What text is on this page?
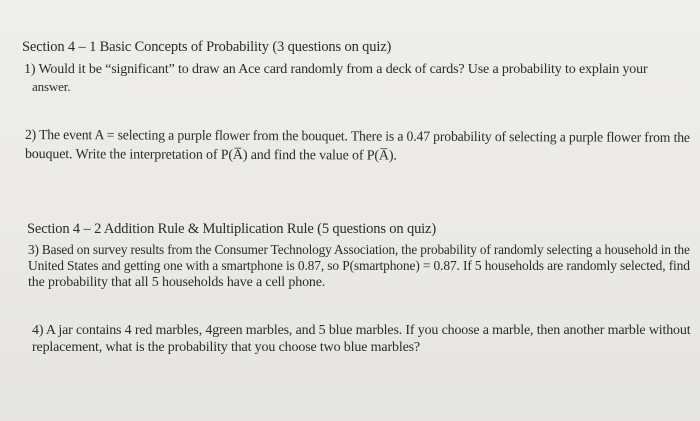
Section 4 – 1 Basic Concepts of Probability (3 questions on quiz)
1) Would it be “significant” to draw an Ace card randomly from a deck of cards? Use a probability to explain your
answer.
2) The event A = selecting a purple flower from the bouquet. There is a 0.47 probability of selecting a purple flower from the
bouquet. Write the interpretation of P(A̅) and find the value of P(A̅).
Section 4 – 2 Addition Rule & Multiplication Rule (5 questions on quiz)
3) Based on survey results from the Consumer Technology Association, the probability of randomly selecting a household in the
United States and getting one with a smartphone is 0.87, so P(smartphone) = 0.87. If 5 households are randomly selected, find
the probability that all 5 households have a cell phone.
4) A jar contains 4 red marbles, 4green marbles, and 5 blue marbles. If you choose a marble, then another marble without
replacement, what is the probability that you choose two blue marbles?
